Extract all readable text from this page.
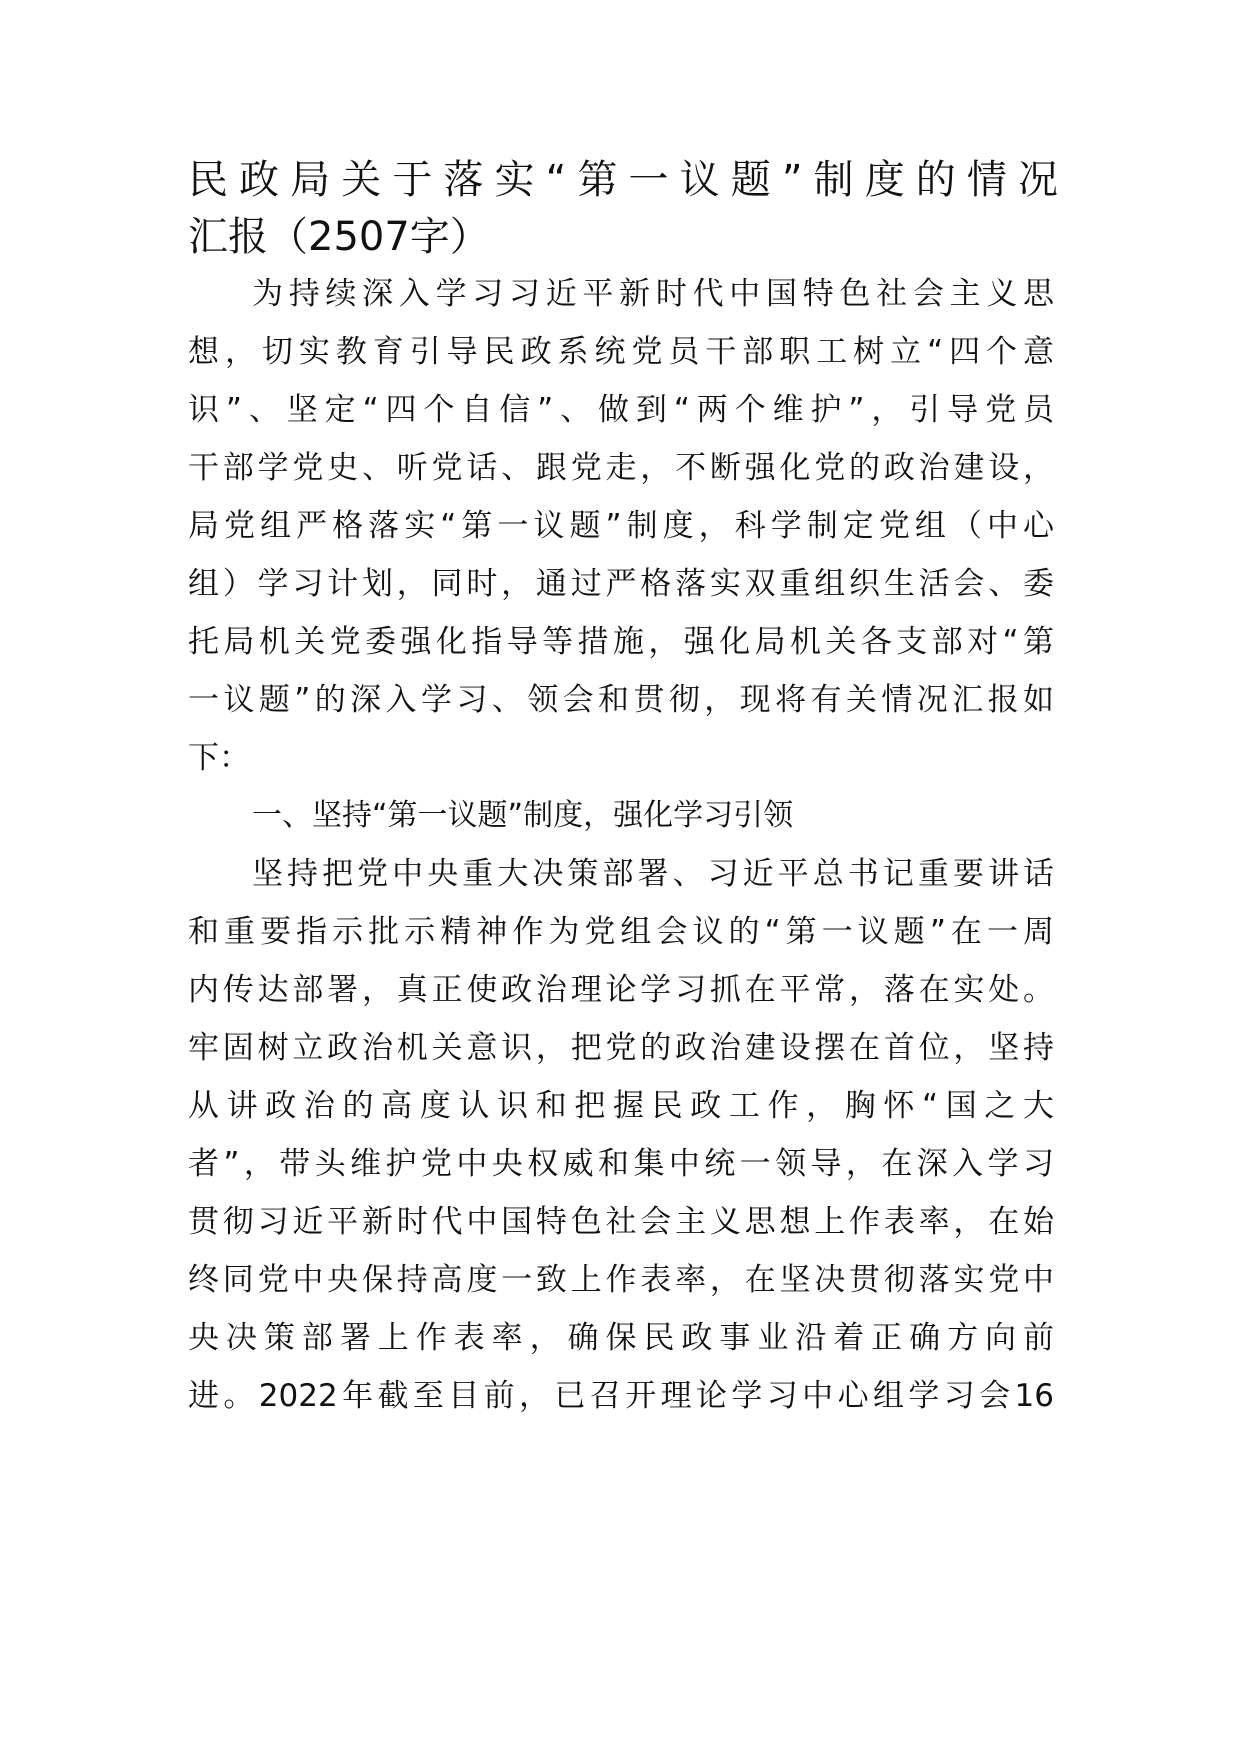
民政局关于落实“第一议题”制度的情况
汇报（2507字）
为持续深入学习习近平新时代中国特色社会主义思
想，切实教育引导民政系统党员干部职工树立“四个意
识”、坚定“四个自信”、做到“两个维护”，引导党员
干部学党史、听党话、跟党走，不断强化党的政治建设，
局党组严格落实“第一议题”制度，科学制定党组（中心
组）学习计划，同时，通过严格落实双重组织生活会、委
托局机关党委强化指导等措施，强化局机关各支部对“第
一议题”的深入学习、领会和贯彻，现将有关情况汇报如
下：
一、坚持“第一议题”制度，强化学习引领
坚持把党中央重大决策部署、习近平总书记重要讲话
和重要指示批示精神作为党组会议的“第一议题”在一周
内传达部署，真正使政治理论学习抓在平常，落在实处。
牢固树立政治机关意识，把党的政治建设摆在首位，坚持
从讲政治的高度认识和把握民政工作，胸怀“国之大
者”，带头维护党中央权威和集中统一领导，在深入学习
贯彻习近平新时代中国特色社会主义思想上作表率，在始
终同党中央保持高度一致上作表率，在坚决贯彻落实党中
央决策部署上作表率，确保民政事业沿着正确方向前
进。2022年截至目前，已召开理论学习中心组学习会16
